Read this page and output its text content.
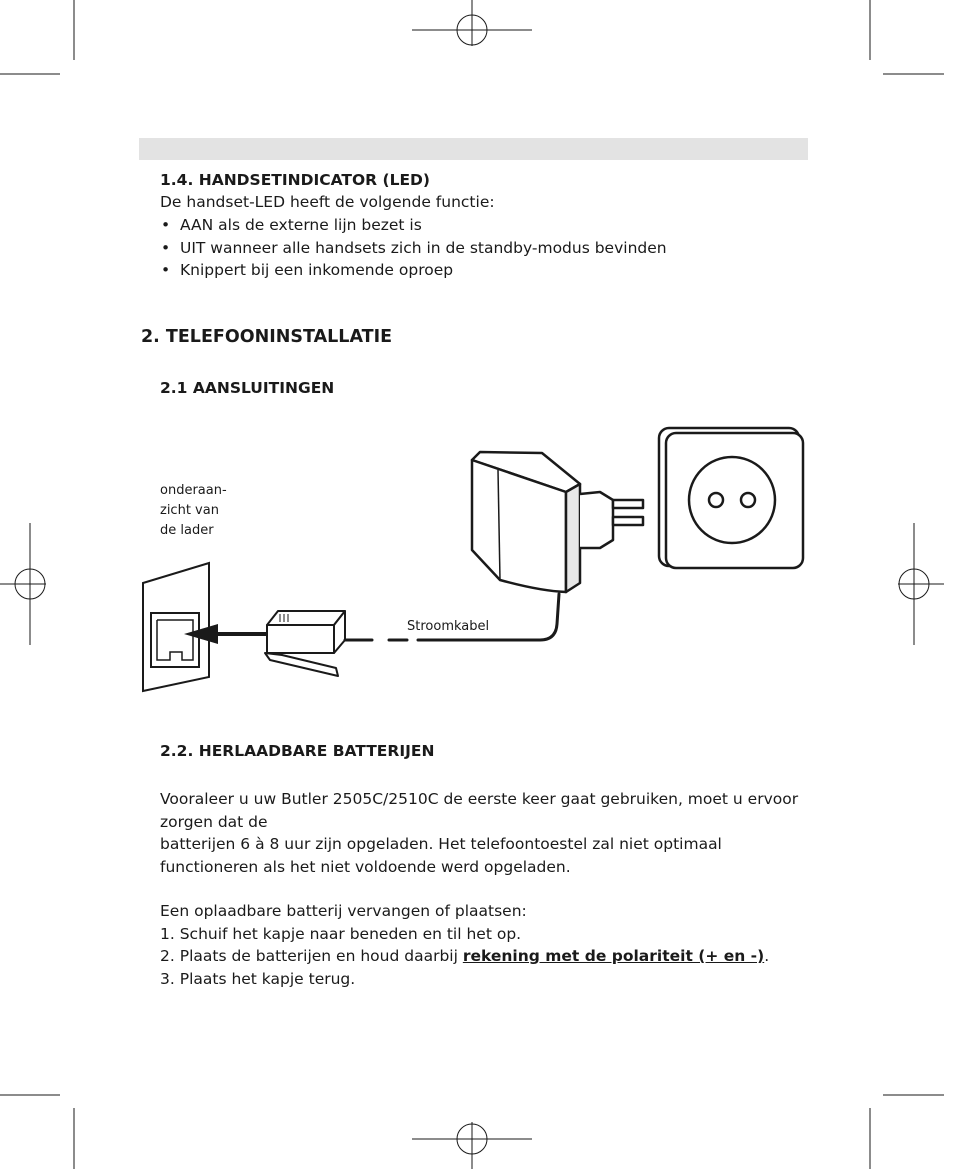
1.4. HANDSETINDICATOR (LED)
De handset-LED heeft de volgende functie:
• AAN als de externe lijn bezet is
• UIT wanneer alle handsets zich in de standby-modus bevinden
• Knippert bij een inkomende oproep
2. TELEFOONINSTALLATIE
2.1 AANSLUITINGEN
onderaan-
zicht van
de lader
Stroomkabel
2.2. HERLAADBARE BATTERIJEN
Vooraleer u uw Butler 2505C/2510C de eerste keer gaat gebruiken, moet u ervoor
zorgen dat de
batterijen 6 à 8 uur zijn opgeladen. Het telefoontoestel zal niet optimaal
functioneren als het niet voldoende werd opgeladen.
Een oplaadbare batterij vervangen of plaatsen:
1. Schuif het kapje naar beneden en til het op.
2. Plaats de batterijen en houd daarbij rekening met de polariteit (+ en -).
3. Plaats het kapje terug.
